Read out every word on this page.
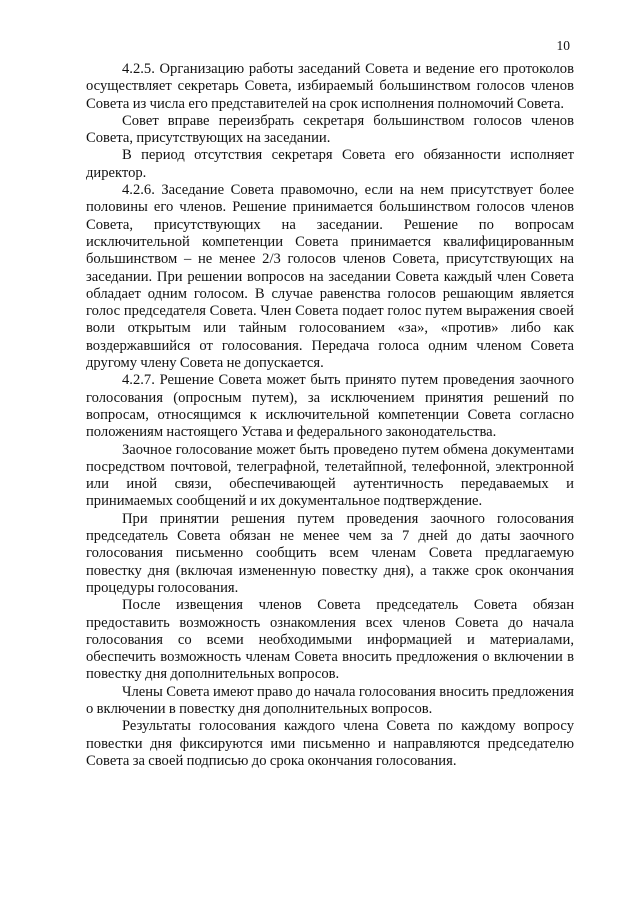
10

4.2.5. Организацию работы заседаний Совета и ведение его протоколов осуществляет секретарь Совета, избираемый большинством голосов членов Совета из числа его представителей на срок исполнения полномочий Совета.

Совет вправе переизбрать секретаря большинством голосов членов Совета, присутствующих на заседании.

В период отсутствия секретаря Совета его обязанности исполняет директор.

4.2.6. Заседание Совета правомочно, если на нем присутствует более половины его членов. Решение принимается большинством голосов членов Совета, присутствующих на заседании. Решение по вопросам исключительной компетенции Совета принимается квалифицированным большинством – не менее 2/3 голосов членов Совета, присутствующих на заседании. При решении вопросов на заседании Совета каждый член Совета обладает одним голосом. В случае равенства голосов решающим является голос председателя Совета. Член Совета подает голос путем выражения своей воли открытым или тайным голосованием «за», «против» либо как воздержавшийся от голосования. Передача голоса одним членом Совета другому члену Совета не допускается.

4.2.7. Решение Совета может быть принято путем проведения заочного голосования (опросным путем), за исключением принятия решений по вопросам, относящимся к исключительной компетенции Совета согласно положениям настоящего Устава и федерального законодательства.

Заочное голосование может быть проведено путем обмена документами посредством почтовой, телеграфной, телетайпной, телефонной, электронной или иной связи, обеспечивающей аутентичность передаваемых и принимаемых сообщений и их документальное подтверждение.

При принятии решения путем проведения заочного голосования председатель Совета обязан не менее чем за 7 дней до даты заочного голосования письменно сообщить всем членам Совета предлагаемую повестку дня (включая измененную повестку дня), а также срок окончания процедуры голосования.

После извещения членов Совета председатель Совета обязан предоставить возможность ознакомления всех членов Совета до начала голосования со всеми необходимыми информацией и материалами, обеспечить возможность членам Совета вносить предложения о включении в повестку дня дополнительных вопросов.

Члены Совета имеют право до начала голосования вносить предложения о включении в повестку дня дополнительных вопросов.

Результаты голосования каждого члена Совета по каждому вопросу повестки дня фиксируются ими письменно и направляются председателю Совета за своей подписью до срока окончания голосования.
